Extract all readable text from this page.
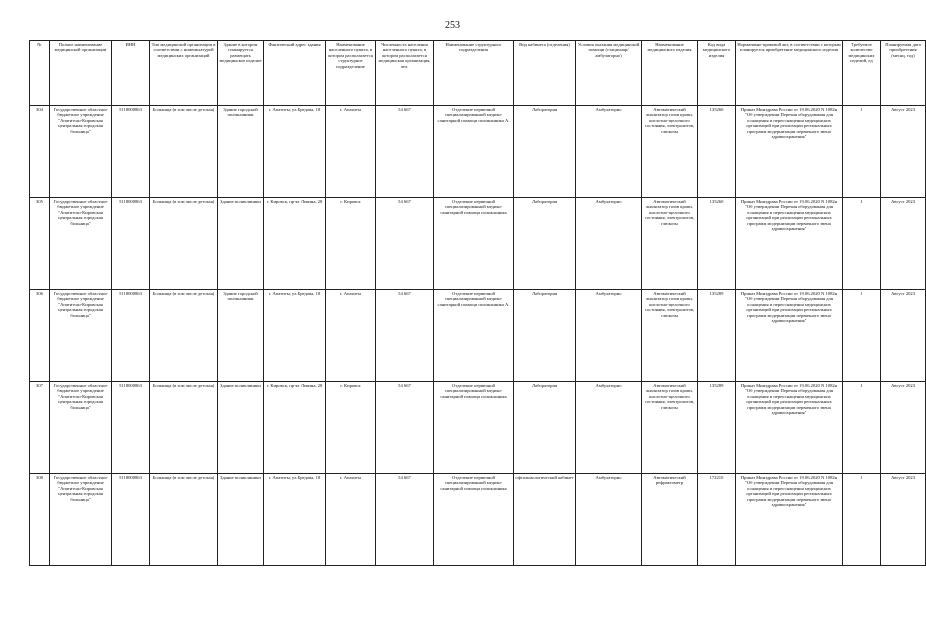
253
№	Полное наименование медицинской организации	ИНН	Тип медицинской организации в соответствии с номенклатурой медицинских организаций	Здание в котором планируется размещать медицинское изделие	Фактический адрес здания	Наименование населенного пункта, в котором располагается структурное подразделение	Численность населения населенного пункта, в котором располагается медицинская организация, чел.	Наименование структурного подразделения	Вид кабинета (отделения)	Условия оказания медицинской помощи (стационар/амбулаторно)	Наименование медицинского изделия	Код вида медицинского изделия	Нормативно-правовой акт, в соответствии с которым планируется приобретение медицинского изделия	Требуемое количество медицинских изделий, ед	Планируемая дата приобретения (месяц, год)
304	Государственное областное бюджетное учреждение "Апатитско-Кировская центральная городская больница"	5118000863	Больница (в том числе детская)	Здание городской поликлиники	г. Апатиты, ул.Бредова, 18	г. Апатиты	54 667	Отделение первичной специализированной медико-санитарной помощи поликлиника А.	Лаборатория	Амбулаторно	Автоматический анализатор газов крови, кислотно-щелочного состояния, электролитов, глюкозы	135260	Приказ Минздрава России от 19.06.2020 N 1082н "Об утверждении Перечня оборудования для оснащения и переоснащения медицинских организаций при реализации региональных программ модернизации первичного звена здравоохранения"	1	Август 2023
305	Государственное областное бюджетное учреждение "Апатитско-Кировская центральная городская больница"	5118000863	Больница (в том числе детская)	Здание поликлиники	г. Кировск, пр-кт Ленина, 28	г. Кировск	54 667	Отделение первичной специализированной медико-санитарной помощи поликлиника	Лаборатория	Амбулаторно	Автоматический анализатор газов крови, кислотно-щелочного состояния, электролитов, глюкозы	135260	Приказ Минздрава России от 19.06.2020 N 1082н "Об утверждении Перечня оборудования для оснащения и переоснащения медицинских организаций при реализации региональных программ модернизации первичного звена здравоохранения"	1	Август 2023
306	Государственное областное бюджетное учреждение "Апатитско-Кировская центральная городская больница"	5118000863	Больница (в том числе детская)	Здание городской поликлиники	г. Апатиты, ул.Бредова, 18	г. Апатиты	54 667	Отделение первичной специализированной медико-санитарной помощи поликлиника А.	Лаборатория	Амбулаторно	Автоматический анализатор газов крови, кислотно-щелочного состояния, электролитов, глюкозы	135289	Приказ Минздрава России от 19.06.2020 N 1082н "Об утверждении Перечня оборудования для оснащения и переоснащения медицинских организаций при реализации региональных программ модернизации первичного звена здравоохранения"	1	Август 2023
307	Государственное областное бюджетное учреждение "Апатитско-Кировская центральная городская больница"	5118000863	Больница (в том числе детская)	Здание поликлиники	г. Кировск, пр-кт Ленина, 28	г. Кировск	54 667	Отделение первичной специализированной медико-санитарной помощи поликлиника	Лаборатория	Амбулаторно	Автоматический анализатор газов крови, кислотно-щелочного состояния, электролитов, глюкозы	135289	Приказ Минздрава России от 19.06.2020 N 1082н "Об утверждении Перечня оборудования для оснащения и переоснащения медицинских организаций при реализации региональных программ модернизации первичного звена здравоохранения"	1	Август 2023
308	Государственное областное бюджетное учреждение "Апатитско-Кировская центральная городская больница"	5118000863	Больница (в том числе детская)	Здание поликлиники	г. Апатиты, ул.Бредова, 18	г. Апатиты	54 667	Отделение первичной специализированной медико-санитарной помощи поликлиника	офтальмологический кабинет	Амбулаторно	Автоматический рефрактометр	172210	Приказ Минздрава России от 19.06.2020 N 1082н "Об утверждении Перечня оборудования для оснащения и переоснащения медицинских организаций при реализации региональных программ модернизации первичного звена здравоохранения"	1	Август 2023
